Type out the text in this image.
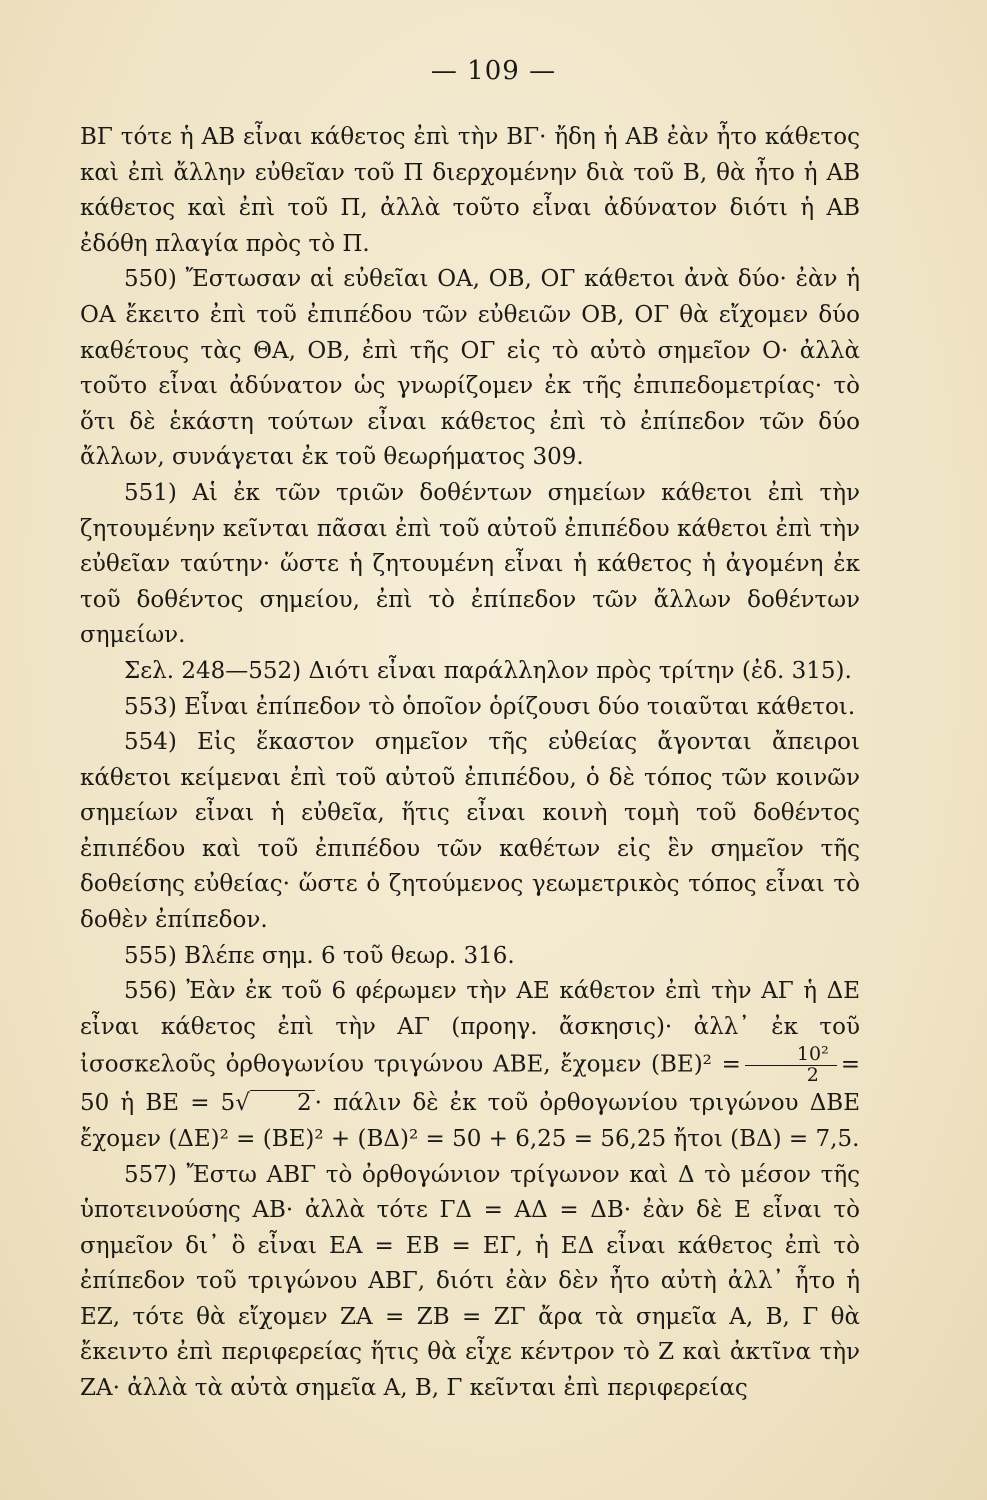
— 109 —

ΒΓ τότε ἡ ΑΒ εἶναι κάθετος ἐπὶ τὴν ΒΓ· ἤδη ἡ ΑΒ ἐὰν ἦτο κάθετος καὶ ἐπὶ ἄλλην εὐθεῖαν τοῦ Π διερχομένην διὰ τοῦ Β, θὰ ἦτο ἡ ΑΒ κάθετος καὶ ἐπὶ τοῦ Π, ἀλλὰ τοῦτο εἶναι ἀδύνατον διότι ἡ ΑΒ ἐδόθη πλαγία πρὸς τὸ Π.

550) Ἔστωσαν αἱ εὐθεῖαι ΟΑ, ΟΒ, ΟΓ κάθετοι ἀνὰ δύο· ἐὰν ἡ ΟΑ ἔκειτο ἐπὶ τοῦ ἐπιπέδου τῶν εὐθειῶν ΟΒ, ΟΓ θὰ εἴχομεν δύο καθέτους τὰς ΘΑ, ΟΒ, ἐπὶ τῆς ΟΓ εἰς τὸ αὐτὸ σημεῖον Ο· ἀλλὰ τοῦτο εἶναι ἀδύνατον ὡς γνωρίζομεν ἐκ τῆς ἐπιπεδομετρίας· τὸ ὅτι δὲ ἑκάστη τούτων εἶναι κάθετος ἐπὶ τὸ ἐπίπεδον τῶν δύο ἄλλων, συνάγεται ἐκ τοῦ θεωρήματος 309.

551) Αἱ ἐκ τῶν τριῶν δοθέντων σημείων κάθετοι ἐπὶ τὴν ζητουμένην κεῖνται πᾶσαι ἐπὶ τοῦ αὐτοῦ ἐπιπέδου κάθετοι ἐπὶ τὴν εὐθεῖαν ταύτην· ὥστε ἡ ζητουμένη εἶναι ἡ κάθετος ἡ ἀγομένη ἐκ τοῦ δοθέντος σημείου, ἐπὶ τὸ ἐπίπεδον τῶν ἄλλων δοθέντων σημείων.

Σελ. 248—552) Διότι εἶναι παράλληλον πρὸς τρίτην (ἐδ. 315).

553) Εἶναι ἐπίπεδον τὸ ὁποῖον ὁρίζουσι δύο τοιαῦται κάθετοι.

554) Εἰς ἕκαστον σημεῖον τῆς εὐθείας ἄγονται ἄπειροι κάθετοι κείμεναι ἐπὶ τοῦ αὐτοῦ ἐπιπέδου, ὁ δὲ τόπος τῶν κοινῶν σημείων εἶναι ἡ εὐθεῖα, ἥτις εἶναι κοινὴ τομὴ τοῦ δοθέντος ἐπιπέδου καὶ τοῦ ἐπιπέδου τῶν καθέτων εἰς ἓν σημεῖον τῆς δοθείσης εὐθείας· ὥστε ὁ ζητούμενος γεωμετρικὸς τόπος εἶναι τὸ δοθὲν ἐπίπεδον.

555) Βλέπε σημ. 6 τοῦ θεωρ. 316.

556) Ἐὰν ἐκ τοῦ 6 φέρωμεν τὴν ΑΕ κάθετον ἐπὶ τὴν ΑΓ ἡ ΔΕ εἶναι κάθετος ἐπὶ τὴν ΑΓ (προηγ. ἄσκησις)· ἀλλ᾽ ἐκ τοῦ ἰσοσκελοῦς ὀρθογωνίου τριγώνου ΑΒΕ, ἔχομεν $(BE)^2 = \frac{\text{10²}}{2} = 50$ ἡ ΒΕ = 5√ 2 · πάλιν δὲ ἐκ τοῦ ὀρθογωνίου τριγώνου ΔΒΕ ἔχομεν (ΔΕ)² = (ΒΕ)² + (ΒΔ)² = 50 + 6,25 = 56,25 ἤτοι (ΒΔ) = 7,5.

557) Ἔστω ΑΒΓ τὸ ὀρθογώνιον τρίγωνον καὶ Δ τὸ μέσον τῆς ὑποτεινούσης ΑΒ· ἀλλὰ τότε ΓΔ = ΑΔ = ΔΒ· ἐὰν δὲ Ε εἶναι τὸ σημεῖον δι᾽ ὃ εἶναι ΕΑ = ΕΒ = ΕΓ, ἡ ΕΔ εἶναι κάθετος ἐπὶ τὸ ἐπίπεδον τοῦ τριγώνου ΑΒΓ, διότι ἐὰν δὲν ἦτο αὐτὴ ἀλλ᾽ ἦτο ἡ ΕΖ, τότε θὰ εἴχομεν ΖΑ = ΖΒ = ΖΓ ἄρα τὰ σημεῖα Α, Β, Γ θὰ ἔκειντο ἐπὶ περιφερείας ἥτις θὰ εἶχε κέντρον τὸ Ζ καὶ ἀκτῖνα τὴν ΖΑ· ἀλλὰ τὰ αὐτὰ σημεῖα Α, Β, Γ κεῖνται ἐπὶ περιφερείας
